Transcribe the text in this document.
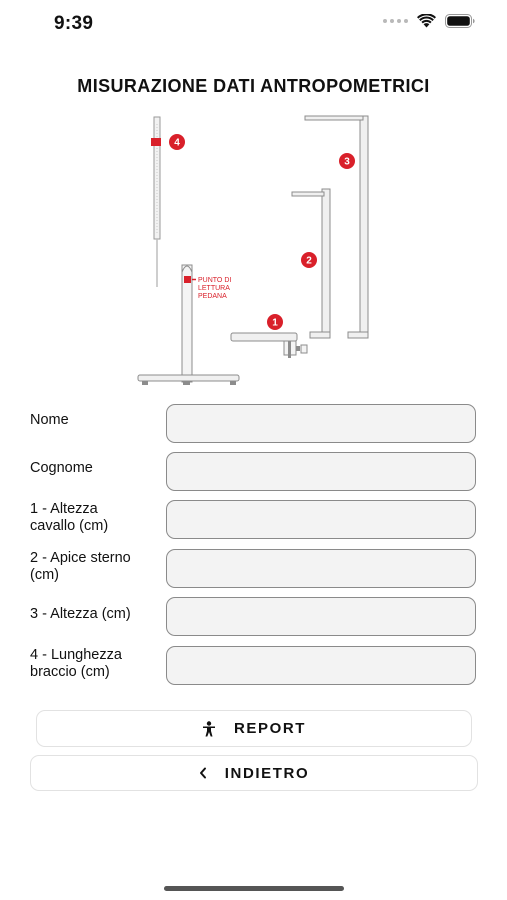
9:39
MISURAZIONE DATI ANTROPOMETRICI
4
3
2
1
PUNTO DI
LETTURA
PEDANA
Nome
Cognome
1 - Altezza
cavallo (cm)
2 - Apice sterno
(cm)
3 - Altezza (cm)
4 - Lunghezza
braccio (cm)
REPORT
INDIETRO
